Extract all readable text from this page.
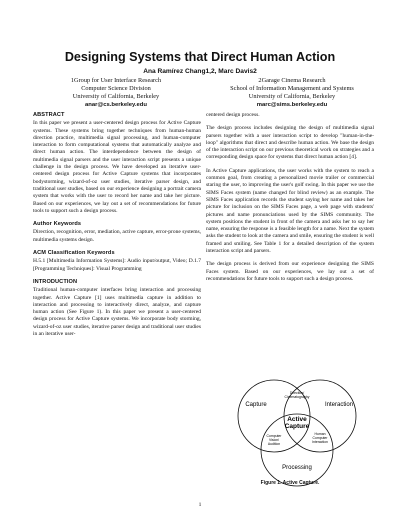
Designing Systems that Direct Human Action
Ana Ramírez Chang1,2, Marc Davis2
1Group for User Interface Research
Computer Science Division
University of California, Berkeley
anar@cs.berkeley.edu
2Garage Cinema Research
School of Information Management and Systems
University of California, Berkeley
marc@sims.berkeley.edu
ABSTRACT

In this paper we present a user-centered design process for Active Capture systems. These systems bring together techniques from human-human direction practice, multimedia signal processing, and human-computer interaction to form computational systems that automatically analyze and direct human action. The interdependence between the design of multimedia signal parsers and the user interaction script presents a unique challenge in the design process. We have developed an iterative user-centered design process for Active Capture systems that incorporates bodystorming, wizard-of-oz user studies, iterative parser design, and traditional user studies, based on our experience designing a portrait camera system that works with the user to record her name and take her picture. Based on our experiences, we lay out a set of recommendations for future tools to support such a design process.

Author Keywords

Direction, recognition, error, mediation, active capture, error-prone systems, multimedia systems design.

ACM Classification Keywords

H.5.1 [Multimedia Information Systems]: Audio input/output, Video; D.1.7 [Programming Techniques]: Visual Programming

INTRODUCTION

Traditional human-computer interfaces bring interaction and processing together. Active Capture [1] uses multimedia capture in addition to interaction and processing to interactively direct, analyze, and capture human action (See Figure 1). In this paper we present a user-centered design process for Active Capture systems. We incorporate body storming, wizard-of-oz user studies, iterative parser design and traditional user studies in an iterative user-

centered design process.

The design process includes designing the design of multimedia signal parsers together with a user interaction script to develop "human-in-the-loop" algorithms that direct and describe human action. We base the design of the interaction script on our previous theoretical work on strategies and a corresponding design space for systems that direct human action [4].

In Active Capture applications, the user works with the system to reach a common goal, from creating a personalized movie trailer or commercial staring the user, to improving the user's golf swing. In this paper we use the SIMS Faces system (name changed for blind review) as an example. The SIMS Faces application records the student saying her name and takes her picture for inclusion on the SIMS Faces page, a web page with students' pictures and name pronunciations used by the SIMS community. The system positions the student in front of the camera and asks her to say her name, ensuring the response is a feasible length for a name. Next the system asks the student to look at the camera and smile, ensuring the student is well framed and smiling. See Table 1 for a detailed description of the system interaction script and parsers.

The design process is derived from our experience designing the SIMS Faces system. Based on our experiences, we lay out a set of recommendations for future tools to support such a design process.

Capture	Interaction
Processing
Direction/
Cinematography
Active
Capture
Computer
Vision/
Audition
Human
Computer
Interaction
Figure 1. Active Capture.
1
